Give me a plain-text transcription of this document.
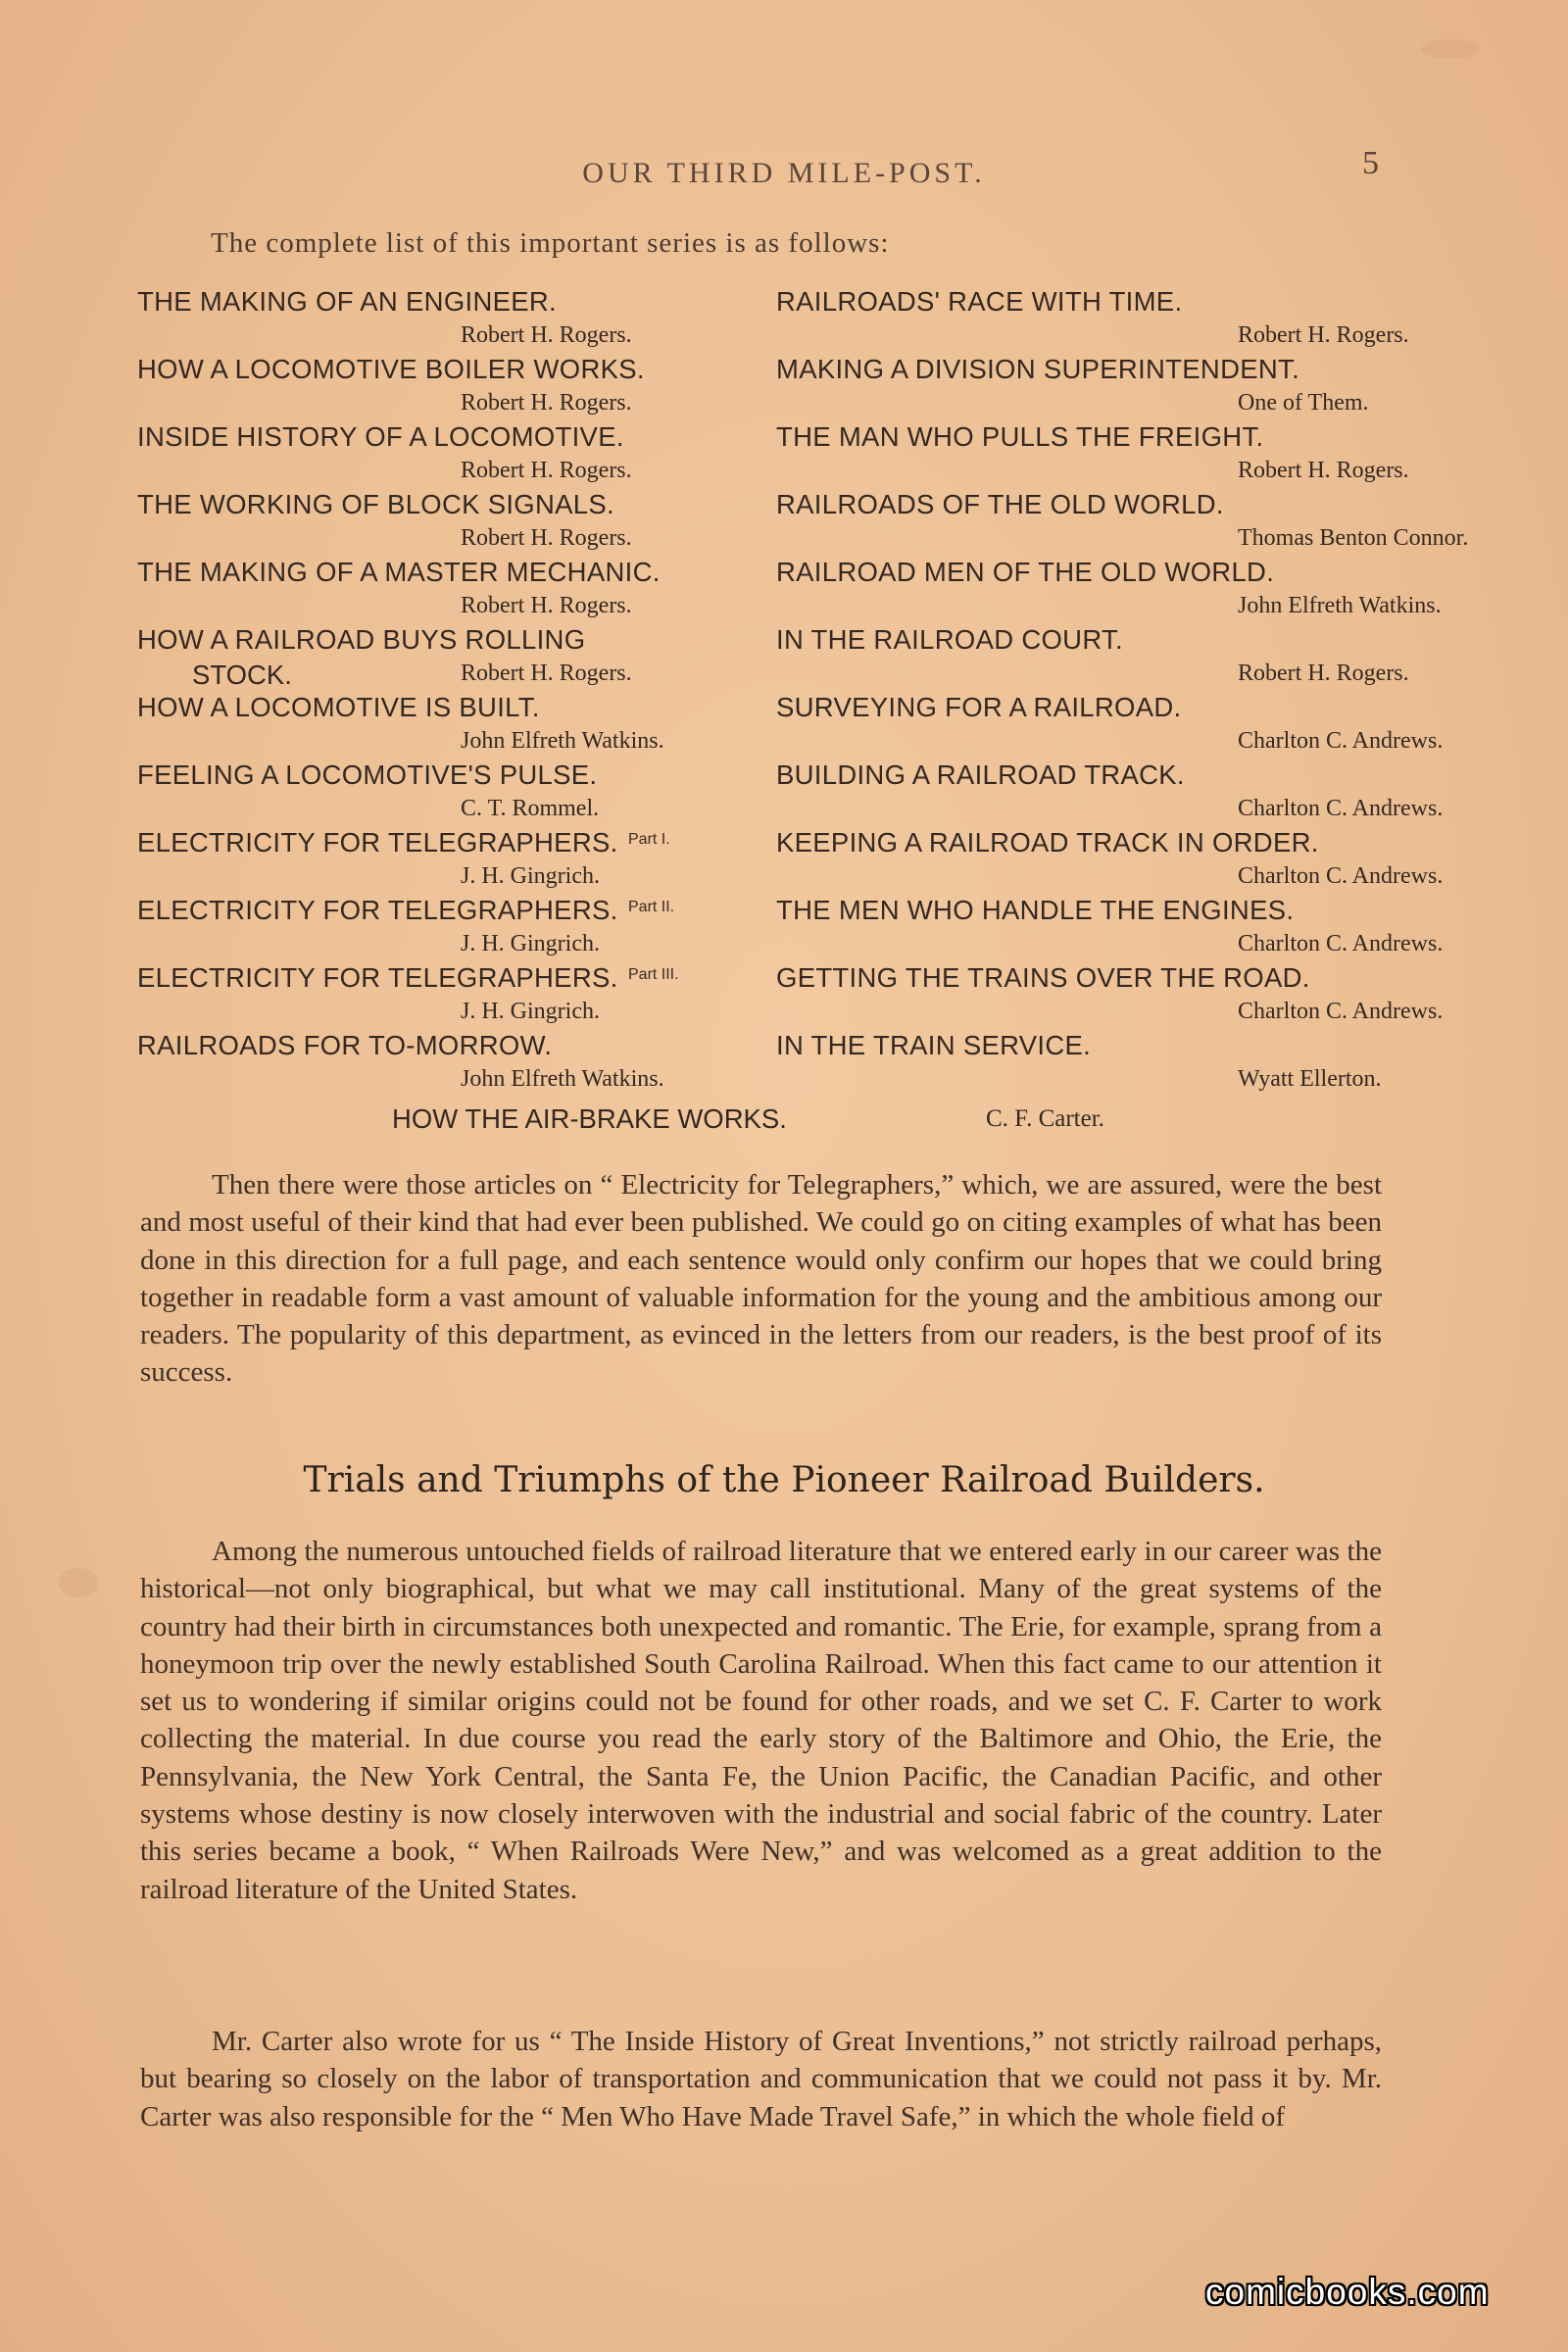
OUR THIRD MILE-POST.	5
The complete list of this important series is as follows:
THE MAKING OF AN ENGINEER.
Robert H. Rogers.
HOW A LOCOMOTIVE BOILER WORKS.
Robert H. Rogers.
INSIDE HISTORY OF A LOCOMOTIVE.
Robert H. Rogers.
THE WORKING OF BLOCK SIGNALS.
Robert H. Rogers.
THE MAKING OF A MASTER MECHANIC.
Robert H. Rogers.
HOW A RAILROAD BUYS ROLLING
STOCK.	Robert H. Rogers.
HOW A LOCOMOTIVE IS BUILT.
John Elfreth Watkins.
FEELING A LOCOMOTIVE'S PULSE.
C. T. Rommel.
ELECTRICITY FOR TELEGRAPHERS. Part I.
J. H. Gingrich.
ELECTRICITY FOR TELEGRAPHERS. Part II.
J. H. Gingrich.
ELECTRICITY FOR TELEGRAPHERS. Part III.
J. H. Gingrich.
RAILROADS FOR TO-MORROW.
John Elfreth Watkins.
RAILROADS' RACE WITH TIME.
Robert H. Rogers.
MAKING A DIVISION SUPERINTENDENT.
One of Them.
THE MAN WHO PULLS THE FREIGHT.
Robert H. Rogers.
RAILROADS OF THE OLD WORLD.
Thomas Benton Connor.
RAILROAD MEN OF THE OLD WORLD.
John Elfreth Watkins.
IN THE RAILROAD COURT.
Robert H. Rogers.
SURVEYING FOR A RAILROAD.
Charlton C. Andrews.
BUILDING A RAILROAD TRACK.
Charlton C. Andrews.
KEEPING A RAILROAD TRACK IN ORDER.
Charlton C. Andrews.
THE MEN WHO HANDLE THE ENGINES.
Charlton C. Andrews.
GETTING THE TRAINS OVER THE ROAD.
Charlton C. Andrews.
IN THE TRAIN SERVICE.
Wyatt Ellerton.
HOW THE AIR-BRAKE WORKS.	C. F. Carter.

Then there were those articles on “ Electricity for Telegraphers,” which, we are assured, were the best and most useful of their kind that had ever been published. We could go on citing examples of what has been done in this direction for a full page, and each sentence would only confirm our hopes that we could bring together in readable form a vast amount of valuable information for the young and the ambitious among our readers. The popularity of this department, as evinced in the letters from our readers, is the best proof of its success.

Trials and Triumphs of the Pioneer Railroad Builders.

Among the numerous untouched fields of railroad literature that we entered early in our career was the historical—not only biographical, but what we may call institutional. Many of the great systems of the country had their birth in circumstances both unexpected and romantic. The Erie, for example, sprang from a honeymoon trip over the newly established South Carolina Railroad. When this fact came to our attention it set us to wondering if similar origins could not be found for other roads, and we set C. F. Carter to work collecting the material. In due course you read the early story of the Baltimore and Ohio, the Erie, the Pennsylvania, the New York Central, the Santa Fe, the Union Pacific, the Canadian Pacific, and other systems whose destiny is now closely interwoven with the industrial and social fabric of the country. Later this series became a book, “ When Railroads Were New,” and was welcomed as a great addition to the railroad literature of the United States.

Mr. Carter also wrote for us “ The Inside History of Great Inventions,” not strictly railroad perhaps, but bearing so closely on the labor of transportation and communication that we could not pass it by. Mr. Carter was also responsible for the “ Men Who Have Made Travel Safe,” in which the whole field of

comicbooks.com
